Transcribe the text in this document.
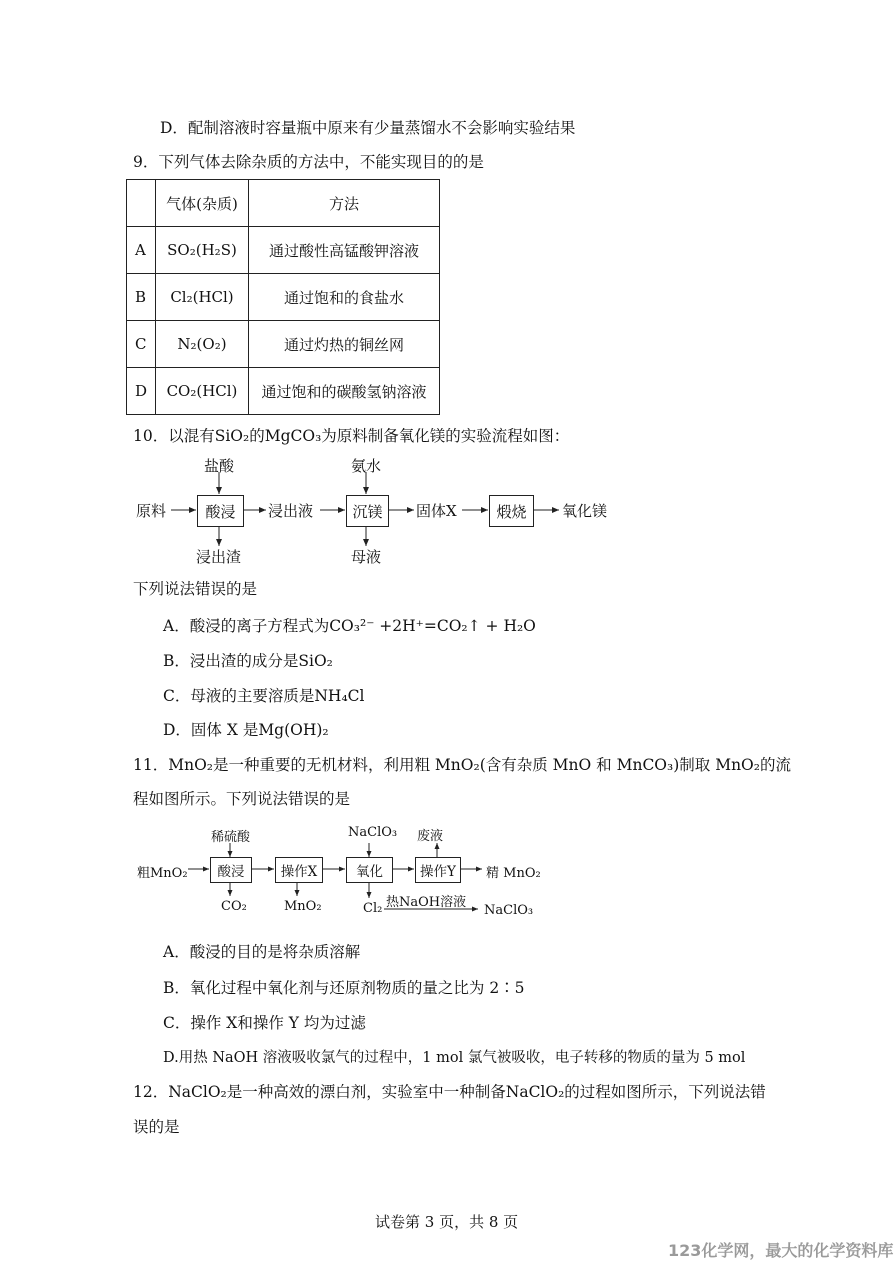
D．配制溶液时容量瓶中原来有少量蒸馏水不会影响实验结果
9．下列气体去除杂质的方法中，不能实现目的的是
	气体(杂质)	方法
A	SO₂(H₂S)	通过酸性高锰酸钾溶液
B	Cl₂(HCl)	通过饱和的食盐水
C	N₂(O₂)	通过灼热的铜丝网
D	CO₂(HCl)	通过饱和的碳酸氢钠溶液
10．以混有SiO₂的MgCO₃为原料制备氧化镁的实验流程如图：
原料
盐酸
酸浸
浸出渣
浸出液
氨水
沉镁
母液
固体X	煅烧	氧化镁
下列说法错误的是
A．酸浸的离子方程式为CO₃²⁻ +2H⁺=CO₂↑ + H₂O
B．浸出渣的成分是SiO₂
C．母液的主要溶质是NH₄Cl
D．固体 X 是Mg(OH)₂
11．MnO₂是一种重要的无机材料，利用粗 MnO₂(含有杂质 MnO 和 MnCO₃)制取 MnO₂的流
程如图所示。下列说法错误的是
粗MnO₂
稀硫酸
酸浸
CO₂
操作X
MnO₂
NaClO₃
氧化
Cl₂
废液
操作Y	精 MnO₂
热NaOH溶液
NaClO₃
A．酸浸的目的是将杂质溶解
B．氧化过程中氧化剂与还原剂物质的量之比为 2∶5
C．操作 X和操作 Y 均为过滤
D.用热 NaOH 溶液吸收氯气的过程中，1 mol 氯气被吸收，电子转移的物质的量为 5 mol
12．NaClO₂是一种高效的漂白剂，实验室中一种制备NaClO₂的过程如图所示，下列说法错
误的是
试卷第 3 页，共 8 页
123化学网，最大的化学资料库
